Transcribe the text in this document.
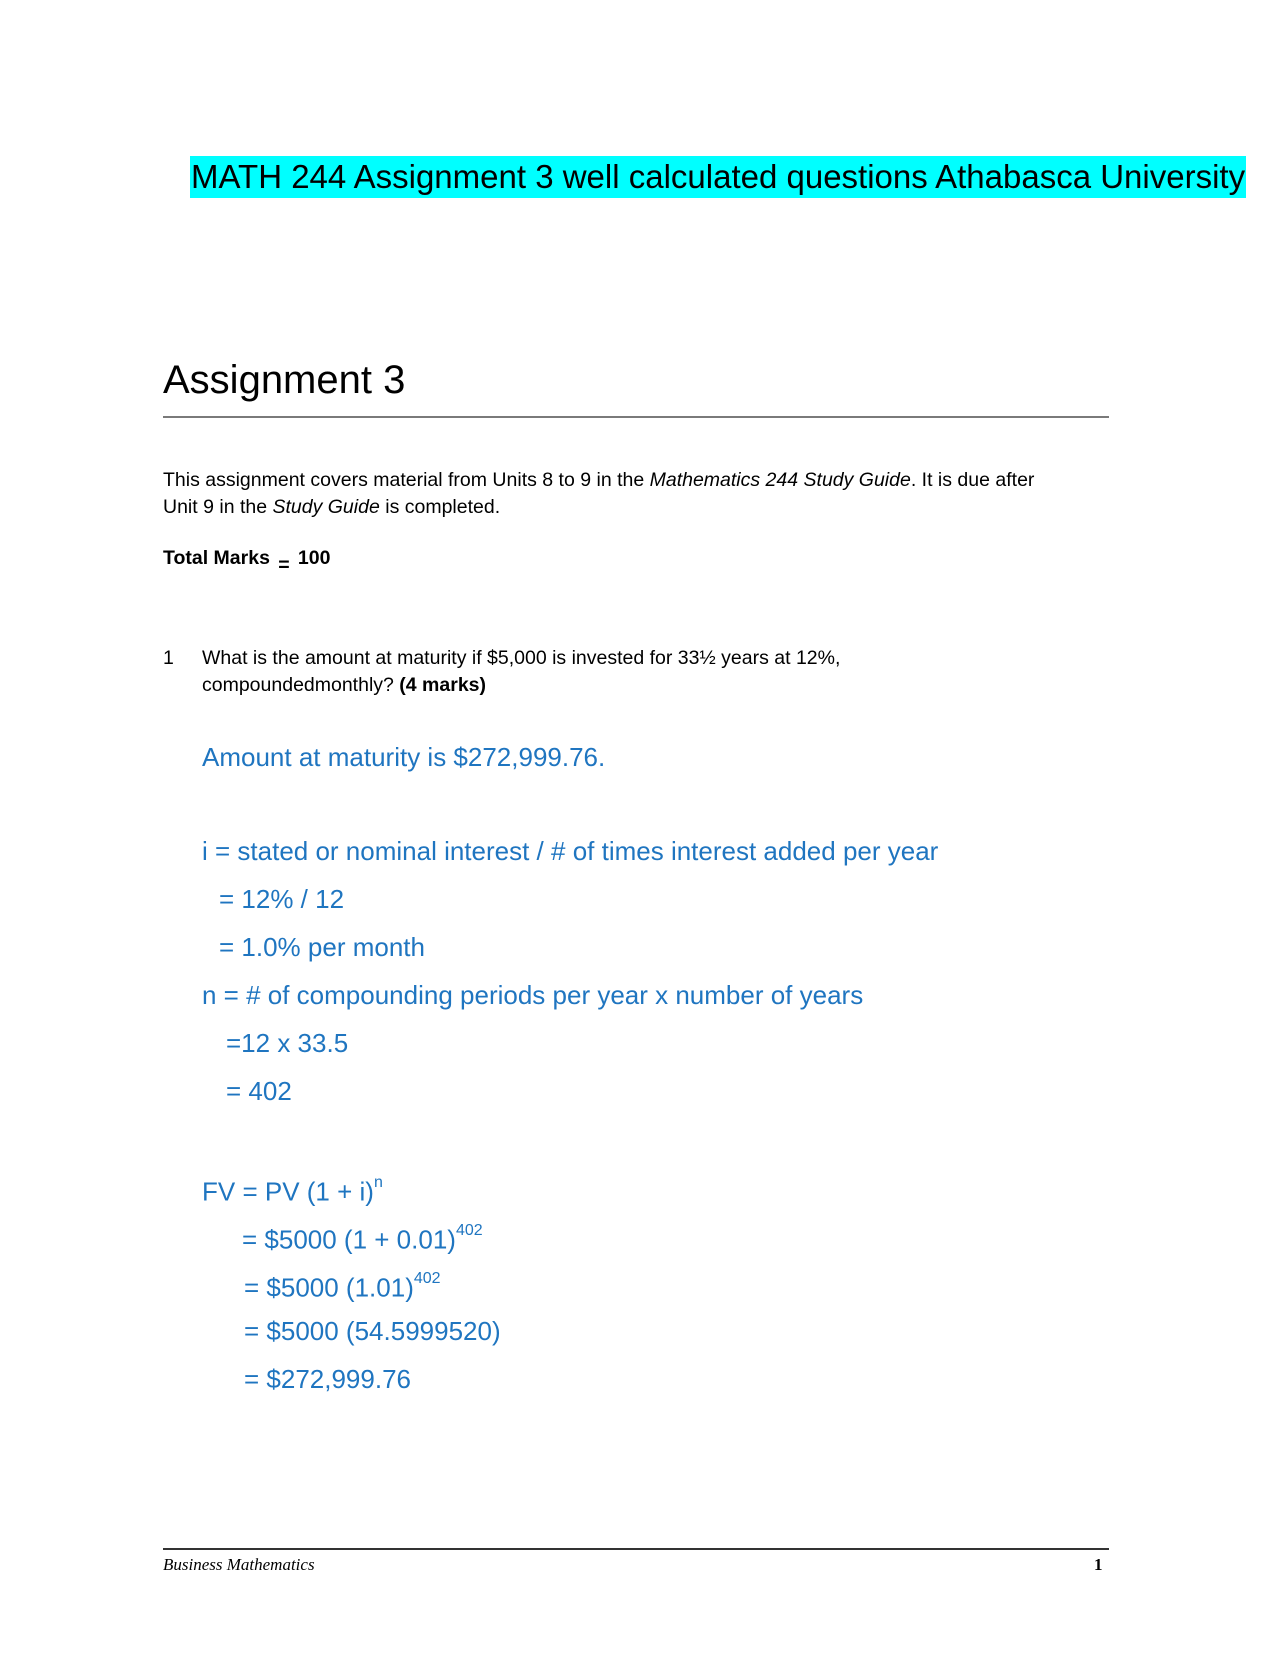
MATH 244 Assignment 3 well calculated questions Athabasca University
Assignment 3
This assignment covers material from Units 8 to 9 in the Mathematics 244 Study Guide. It is due after
Unit 9 in the Study Guide is completed.
Total Marks = 100
1 What is the amount at maturity if $5,000 is invested for 33½ years at 12%,
compoundedmonthly? (4 marks)
Amount at maturity is $272,999.76.
i = stated or nominal interest / # of times interest added per year
= 12% / 12
= 1.0% per month
n = # of compounding periods per year x number of years
=12 x 33.5
= 402
FV = PV $(1 + i)^n$
= $5000 $(1 + 0.01)^{402}$
= $5000 $(1.01)^{402}$
= $5000 (54.5999520)
= $272,999.76
Business Mathematics	1
